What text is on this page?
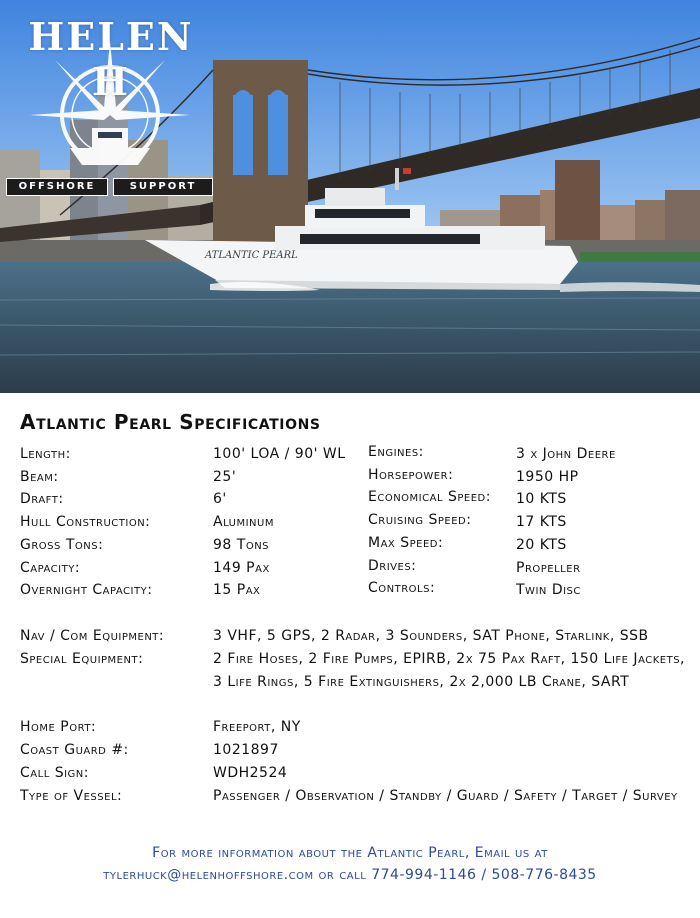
ATLANTIC PEARL
HELEN H
OFFSHORE	SUPPORT
Atlantic Pearl Specifications
Length:	100' LOA / 90' WL
Beam:	25'
Draft:	6'
Hull Construction:	Aluminum
Gross Tons:	98 Tons
Capacity:	149 Pax
Overnight Capacity:	15 Pax
Engines:	3 x John Deere
Horsepower:	1950 HP
Economical Speed: 10 KTS
Cruising Speed:	17 KTS
Max Speed:	20 KTS
Drives:	Propeller
Controls:	Twin Disc
Nav / Com Equipment:	3 VHF, 5 GPS, 2 Radar, 3 Sounders, SAT Phone, Starlink, SSB
Special Equipment:	2 Fire Hoses, 2 Fire Pumps, EPIRB, 2x 75 Pax Raft, 150 Life Jackets, 3 Life Rings, 5 Fire Extinguishers, 2x 2,000 LB Crane, SART
Home Port:	Freeport, NY
Coast Guard #:	1021897
Call Sign:	WDH2524
Type of Vessel:	Passenger / Observation / Standby / Guard / Safety / Target / Survey
For more information about the Atlantic Pearl, Email us at
tylerhuck@helenhoffshore.com or call 774-994-1146 / 508-776-8435
